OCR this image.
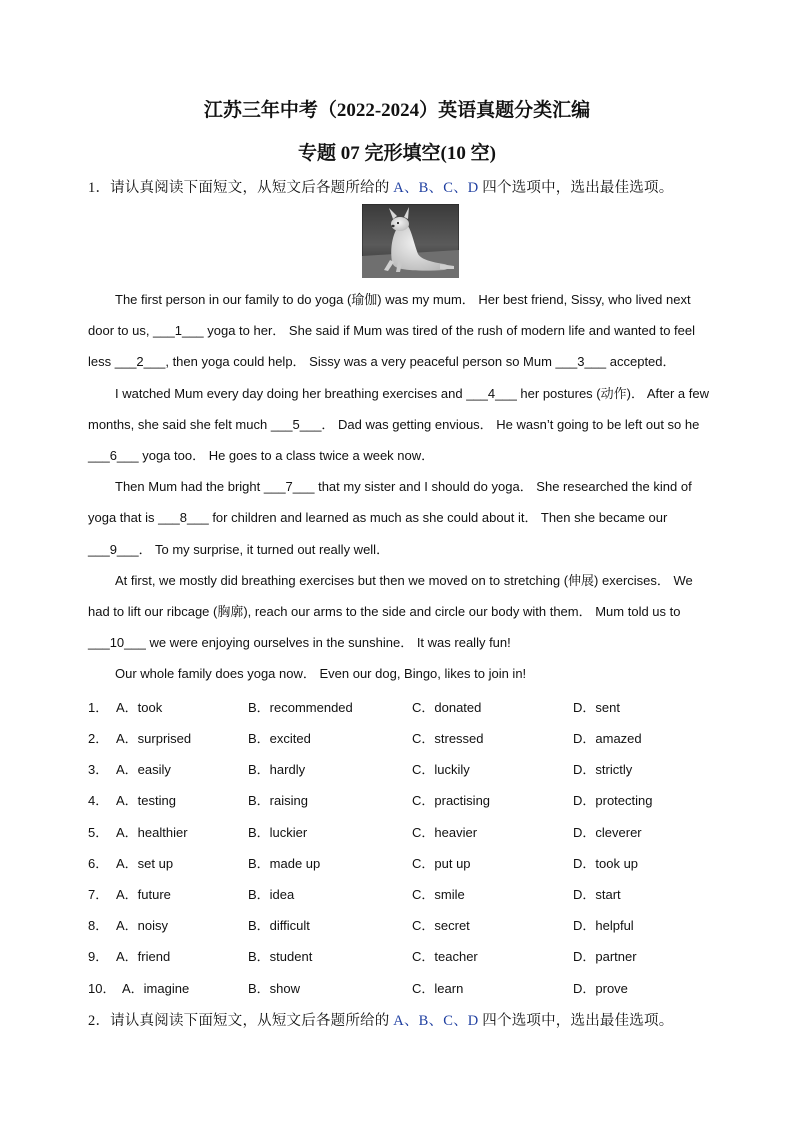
江苏三年中考（2022-2024）英语真题分类汇编
专题 07 完形填空(10 空)
1．请认真阅读下面短文，从短文后各题所给的 A、B、C、D 四个选项中，选出最佳选项。

The first person in our family to do yoga (瑜伽) was my mum． Her best friend, Sissy, who lived next

door to us, ___1___ yoga to her． She said if Mum was tired of the rush of modern life and wanted to feel

less ___2___, then yoga could help． Sissy was a very peaceful person so Mum ___3___ accepted．

I watched Mum every day doing her breathing exercises and ___4___ her postures (动作)． After a few

months, she said she felt much ___5___． Dad was getting envious． He wasn’t going to be left out so he

___6___ yoga too． He goes to a class twice a week now．

Then Mum had the bright ___7___ that my sister and I should do yoga． She researched the kind of

yoga that is ___8___ for children and learned as much as she could about it． Then she became our

___9___． To my surprise, it turned out really well．

At first, we mostly did breathing exercises but then we moved on to stretching (伸展) exercises． We

had to lift our ribcage (胸廓), reach our arms to the side and circle our body with them． Mum told us to

___10___ we were enjoying ourselves in the sunshine． It was really fun!

Our whole family does yoga now． Even our dog, Bingo, likes to join in!

1． A．took	B．recommended	C．donated	D．sent
2． A．surprised	B．excited	C．stressed	D．amazed
3． A．easily	B．hardly	C．luckily	D．strictly
4． A．testing	B．raising	C．practising	D．protecting
5． A．healthier	B．luckier	C．heavier	D．cleverer
6． A．set up	B．made up	C．put up	D．took up
7． A．future	B．idea	C．smile	D．start
8． A．noisy	B．difficult	C．secret	D．helpful
9． A．friend	B．student	C．teacher	D．partner
10． A．imagine	B．show	C．learn	D．prove
2．请认真阅读下面短文，从短文后各题所给的 A、B、C、D 四个选项中，选出最佳选项。
